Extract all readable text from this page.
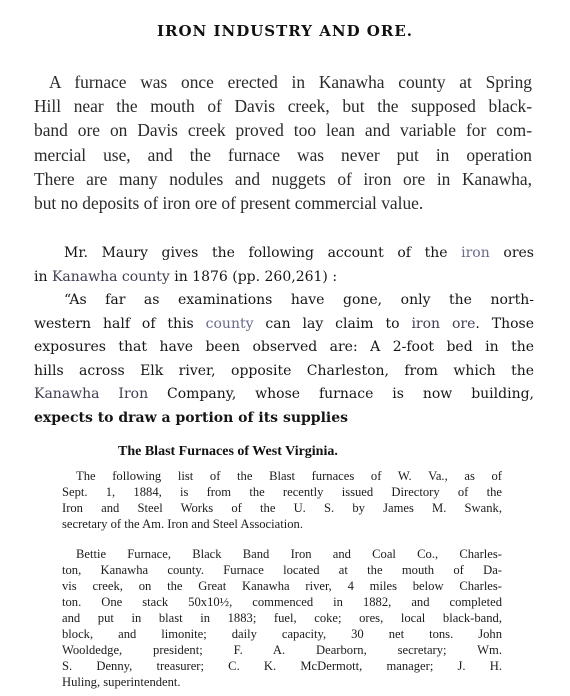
IRON INDUSTRY AND ORE.
A furnace was once erected in Kanawha county at Spring
Hill near the mouth of Davis creek, but the supposed black-
band ore on Davis creek proved too lean and variable for com-
mercial use, and the furnace was never put in operation
There are many nodules and nuggets of iron ore in Kanawha,
but no deposits of iron ore of present commercial value.
Mr. Maury gives the following account of the iron ores
in Kanawha county in 1876 (pp. 260,261) :
“As far as examinations have gone, only the north-
western half of this county can lay claim to iron ore. Those
exposures that have been observed are: A 2-foot bed in the
hills across Elk river, opposite Charleston, from which the
Kanawha Iron Company, whose furnace is now building,
expects to draw a portion of its supplies
The Blast Furnaces of West Virginia.
The following list of the Blast furnaces of W. Va., as of
Sept. 1, 1884, is from the recently issued Directory of the
Iron and Steel Works of the U. S. by James M. Swank,
secretary of the Am. Iron and Steel Association.
Bettie Furnace, Black Band Iron and Coal Co., Charles-
ton, Kanawha county. Furnace located at the mouth of Da-
vis creek, on the Great Kanawha river, 4 miles below Charles-
ton. One stack 50x10½, commenced in 1882, and completed
and put in blast in 1883; fuel, coke; ores, local black-band,
block, and limonite; daily capacity, 30 net tons. John
Wooldedge, president; F. A. Dearborn, secretary; Wm.
S. Denny, treasurer; C. K. McDermott, manager; J. H.
Huling, superintendent.
